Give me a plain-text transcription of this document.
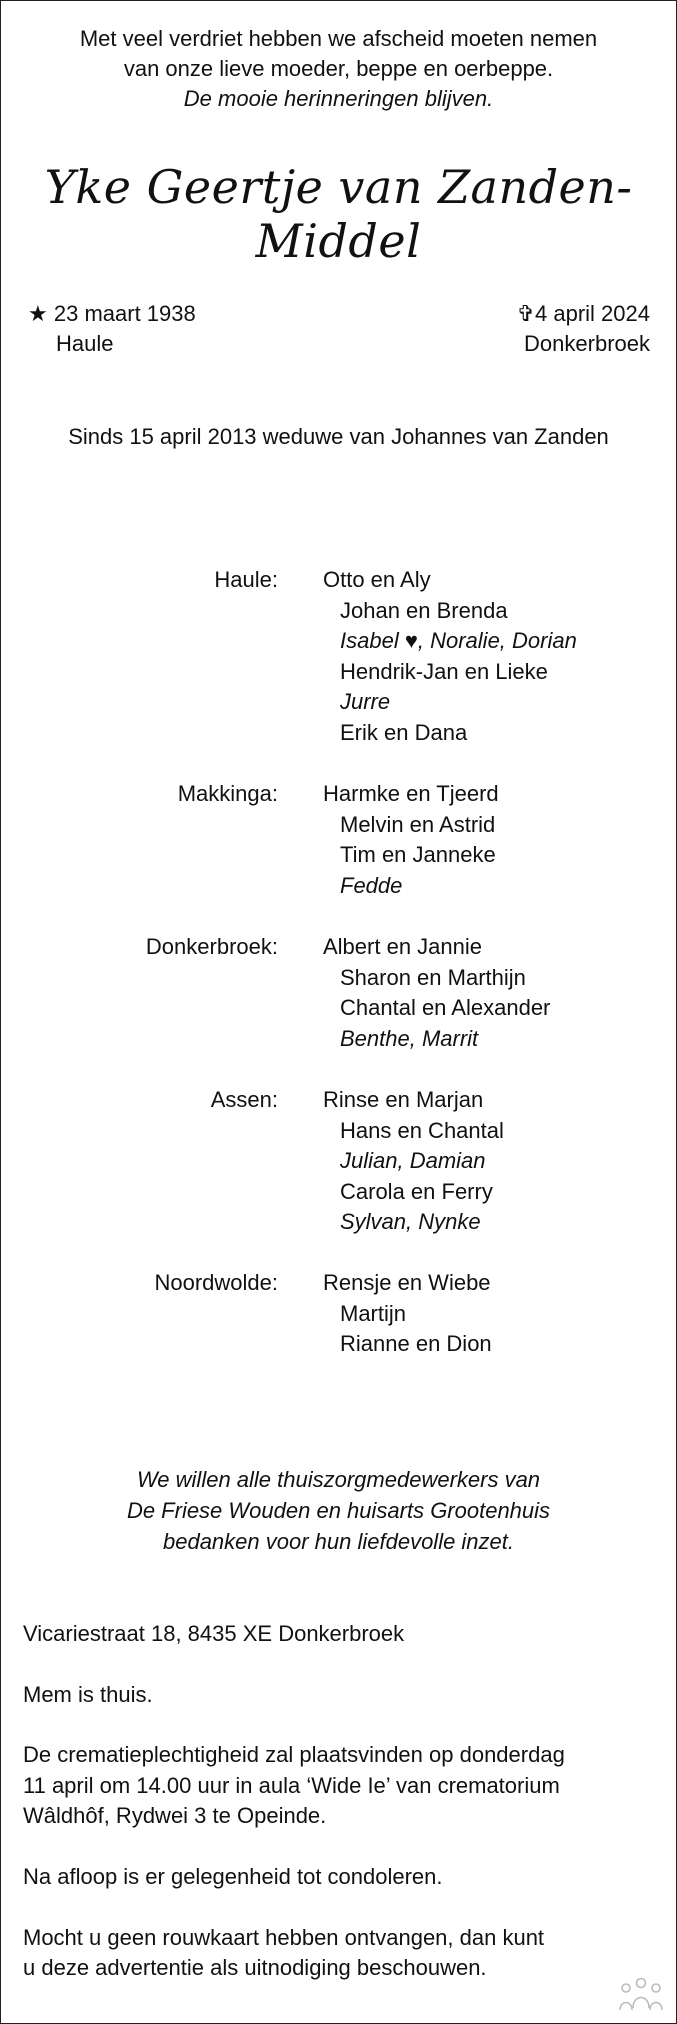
Met veel verdriet hebben we afscheid moeten nemen
van onze lieve moeder, beppe en oerbeppe.
De mooie herinneringen blijven.
Yke Geertje van Zanden-Middel
★ 23 maart 1938
Haule
✞4 april 2024
Donkerbroek
Sinds 15 april 2013 weduwe van Johannes van Zanden
Haule: Otto en Aly
Johan en Brenda
Isabel ♥, Noralie, Dorian
Hendrik-Jan en Lieke
Jurre
Erik en Dana
Makkinga: Harmke en Tjeerd
Melvin en Astrid
Tim en Janneke
Fedde
Donkerbroek: Albert en Jannie
Sharon en Marthijn
Chantal en Alexander
Benthe, Marrit
Assen: Rinse en Marjan
Hans en Chantal
Julian, Damian
Carola en Ferry
Sylvan, Nynke
Noordwolde: Rensje en Wiebe
Martijn
Rianne en Dion
We willen alle thuiszorgmedewerkers van
De Friese Wouden en huisarts Grootenhuis
bedanken voor hun liefdevolle inzet.
Vicariestraat 18, 8435 XE Donkerbroek
Mem is thuis.
De crematieplechtigheid zal plaatsvinden op donderdag
11 april om 14.00 uur in aula ‘Wide Ie’ van crematorium
Wâldhôf, Rydwei 3 te Opeinde.
Na afloop is er gelegenheid tot condoleren.
Mocht u geen rouwkaart hebben ontvangen, dan kunt
u deze advertentie als uitnodiging beschouwen.
